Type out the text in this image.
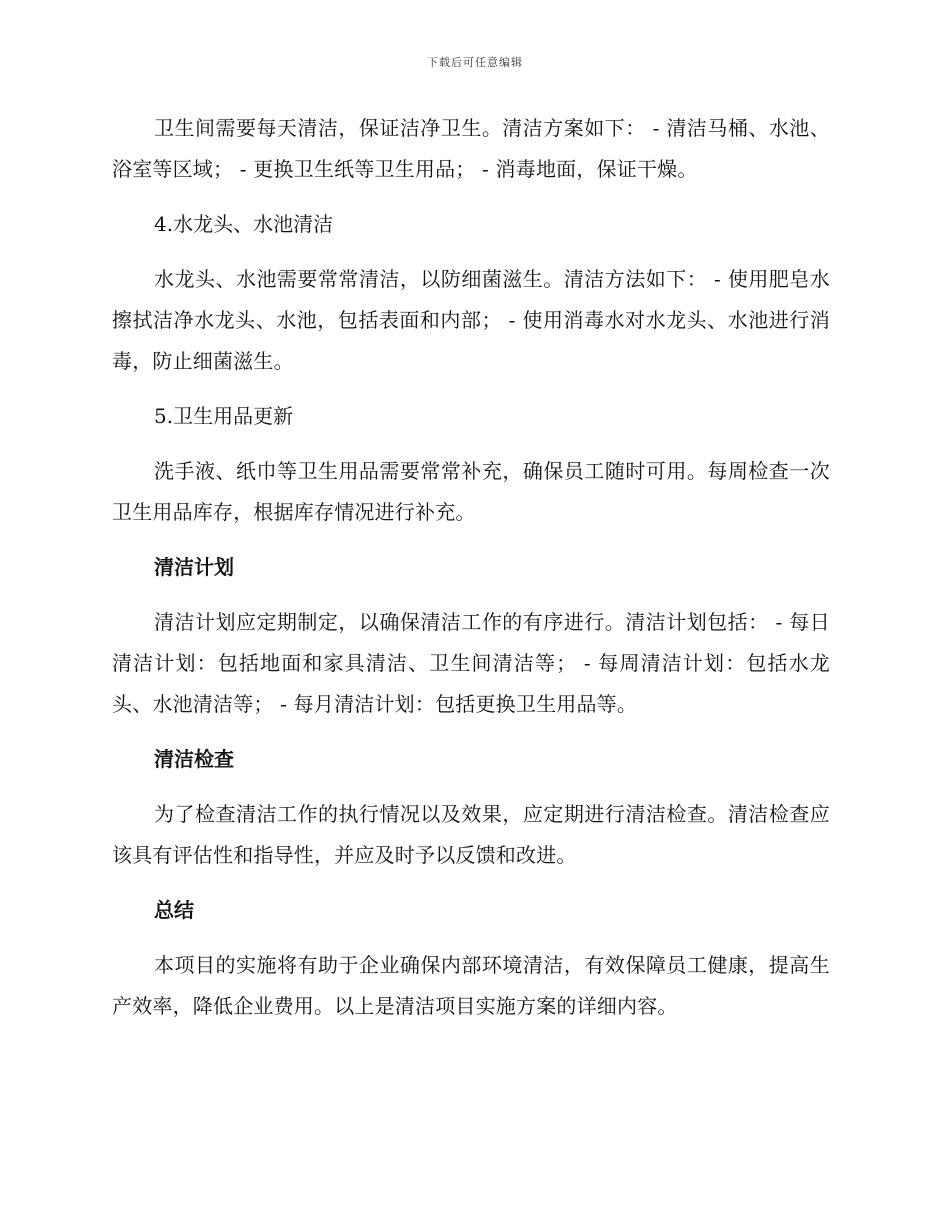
下载后可任意编辑

卫生间需要每天清洁，保证洁净卫生。清洁方案如下： - 清洁马桶、水池、浴室等区域； - 更换卫生纸等卫生用品； - 消毒地面，保证干燥。

4.水龙头、水池清洁

水龙头、水池需要常常清洁，以防细菌滋生。清洁方法如下： - 使用肥皂水擦拭洁净水龙头、水池，包括表面和内部； - 使用消毒水对水龙头、水池进行消毒，防止细菌滋生。

5.卫生用品更新

洗手液、纸巾等卫生用品需要常常补充，确保员工随时可用。每周检查一次卫生用品库存，根据库存情况进行补充。

清洁计划

清洁计划应定期制定，以确保清洁工作的有序进行。清洁计划包括： - 每日清洁计划：包括地面和家具清洁、卫生间清洁等； - 每周清洁计划：包括水龙头、水池清洁等； - 每月清洁计划：包括更换卫生用品等。

清洁检查

为了检查清洁工作的执行情况以及效果，应定期进行清洁检查。清洁检查应该具有评估性和指导性，并应及时予以反馈和改进。

总结

本项目的实施将有助于企业确保内部环境清洁，有效保障员工健康，提高生产效率，降低企业费用。以上是清洁项目实施方案的详细内容。
